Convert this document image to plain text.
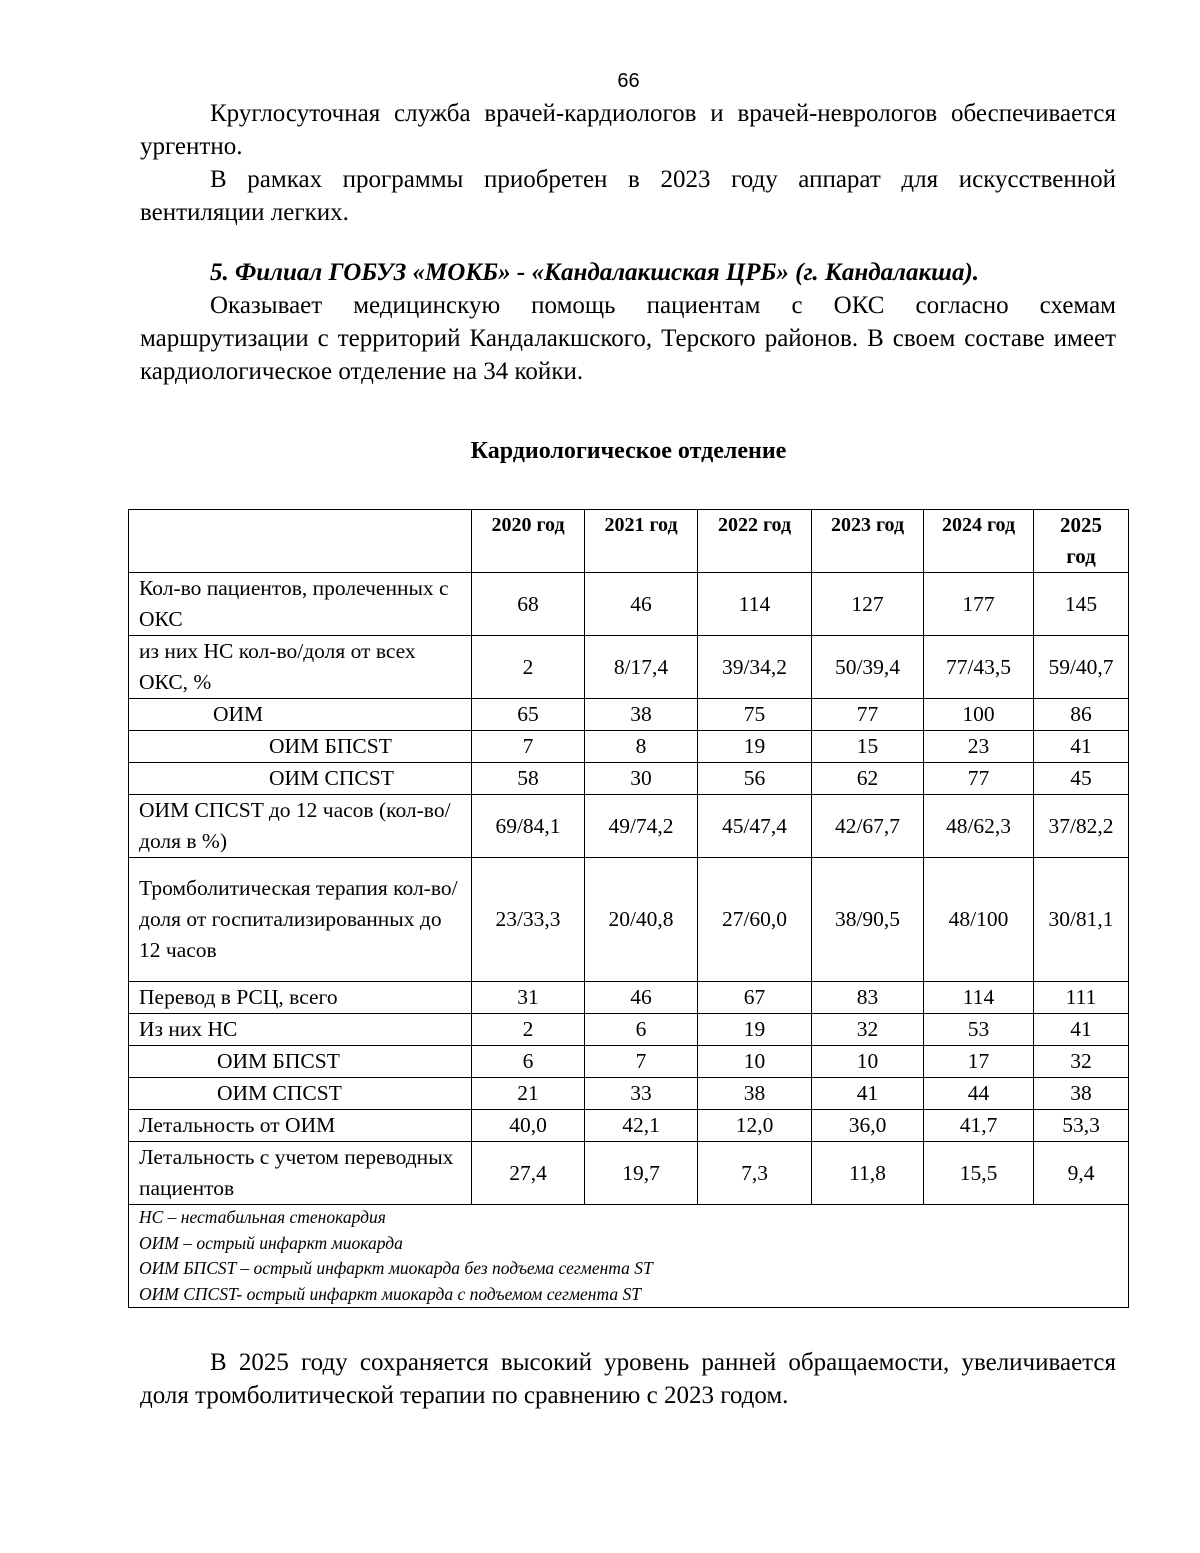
66

Круглосуточная служба врачей-кардиологов и врачей-неврологов обеспечивается ургентно.

В рамках программы приобретен в 2023 году аппарат для искусственной вентиляции легких.

5. Филиал ГОБУЗ «МОКБ» - «Кандалакшская ЦРБ» (г. Кандалакша).

Оказывает медицинскую помощь пациентам с ОКС согласно схемам маршрутизации с территорий Кандалакшского, Терского районов. В своем составе имеет кардиологическое отделение на 34 койки.

Кардиологическое отделение
	2020 год	2021 год	2022 год	2023 год	2024 год	2025 год
Кол-во пациентов, пролеченных с ОКС	68	46	114	127	177	145
из них НС кол-во/доля от всех ОКС, %	2	8/17,4	39/34,2	50/39,4	77/43,5	59/40,7
ОИМ	65	38	75	77	100	86
ОИМ БПСST	7	8	19	15	23	41
ОИМ СПСST	58	30	56	62	77	45
ОИМ СПСST до 12 часов (кол-во/доля в %)	69/84,1	49/74,2	45/47,4	42/67,7	48/62,3	37/82,2
Тромболитическая терапия кол-во/доля от госпитализированных до 12 часов	23/33,3	20/40,8	27/60,0	38/90,5	48/100	30/81,1
Перевод в РСЦ, всего	31	46	67	83	114	111
Из них НС	2	6	19	32	53	41
ОИМ БПСST	6	7	10	10	17	32
ОИМ СПСST	21	33	38	41	44	38
Летальность от ОИМ	40,0	42,1	12,0	36,0	41,7	53,3
Летальность с учетом переводных пациентов	27,4	19,7	7,3	11,8	15,5	9,4

НС – нестабильная стенокардия
ОИМ – острый инфаркт миокарда
ОИМ БПСST – острый инфаркт миокарда без подъема сегмента ST
ОИМ СПСST- острый инфаркт миокарда с подъемом сегмента ST						

В 2025 году сохраняется высокий уровень ранней обращаемости, увеличивается доля тромболитической терапии по сравнению с 2023 годом.
